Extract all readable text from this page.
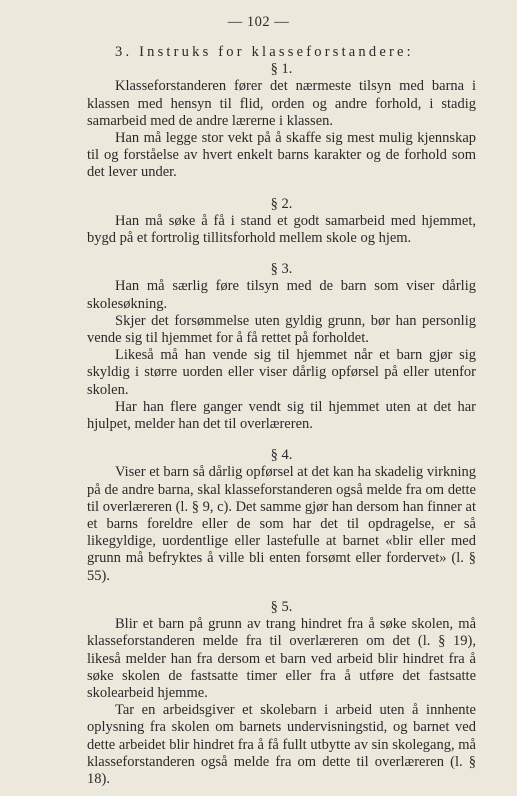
— 102 —
3. Instruks for klasseforstandere:
§ 1.

Klasseforstanderen fører det nærmeste tilsyn med barna i klassen med hensyn til flid, orden og andre forhold, i stadig samarbeid med de andre lærerne i klassen.

Han må legge stor vekt på å skaffe sig mest mulig kjennskap til og forståelse av hvert enkelt barns karakter og de forhold som det lever under.

§ 2.

Han må søke å få i stand et godt samarbeid med hjemmet, bygd på et fortrolig tillitsforhold mellem skole og hjem.

§ 3.

Han må særlig føre tilsyn med de barn som viser dårlig skolesøkning.

Skjer det forsømmelse uten gyldig grunn, bør han personlig vende sig til hjemmet for å få rettet på forholdet.

Likeså må han vende sig til hjemmet når et barn gjør sig skyldig i større uorden eller viser dårlig opførsel på eller utenfor skolen.

Har han flere ganger vendt sig til hjemmet uten at det har hjulpet, melder han det til overlæreren.

§ 4.

Viser et barn så dårlig opførsel at det kan ha skadelig virkning på de andre barna, skal klasseforstanderen også melde fra om dette til overlæreren (l. § 9, c). Det samme gjør han dersom han finner at et barns foreldre eller de som har det til opdragelse, er så likegyldige, uordentlige eller lastefulle at barnet «blir eller med grunn må befryktes å ville bli enten forsømt eller fordervet» (l. § 55).

§ 5.

Blir et barn på grunn av trang hindret fra å søke skolen, må klasseforstanderen melde fra til overlæreren om det (l. § 19), likeså melder han fra dersom et barn ved arbeid blir hindret fra å søke skolen de fastsatte timer eller fra å utføre det fastsatte skolearbeid hjemme.

Tar en arbeidsgiver et skolebarn i arbeid uten å innhente oplysning fra skolen om barnets undervisningstid, og barnet ved dette arbeidet blir hindret fra å få fullt utbytte av sin skolegang, må klasseforstanderen også melde fra om dette til overlæreren (l. § 18).
